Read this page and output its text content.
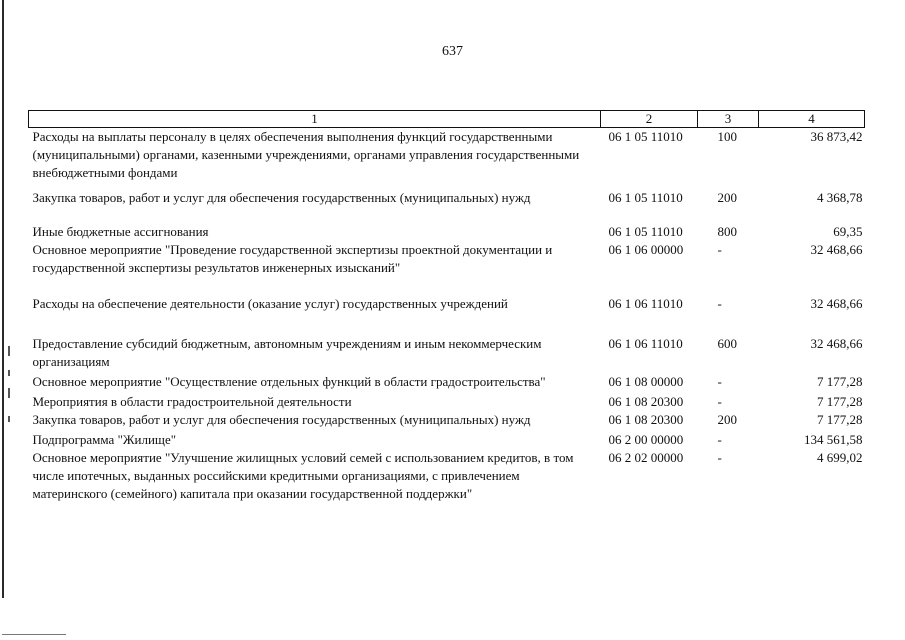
637
1	2	3	4
Расходы на выплаты персоналу в целях обеспечения выполнения функций государственными (муниципальными) органами, казенными учреждениями, органами управления государственными внебюджетными фондами	06 1 05 11010	100	36 873,42
Закупка товаров, работ и услуг для обеспечения государственных (муниципальных) нужд	06 1 05 11010	200	4 368,78
Иные бюджетные ассигнования	06 1 05 11010	800	69,35
Основное мероприятие "Проведение государственной экспертизы проектной документации и государственной экспертизы результатов инженерных изысканий"	06 1 06 00000	-	32 468,66
Расходы на обеспечение деятельности (оказание услуг) государственных учреждений	06 1 06 11010	-	32 468,66
Предоставление субсидий бюджетным, автономным учреждениям и иным некоммерческим организациям	06 1 06 11010	600	32 468,66
Основное мероприятие "Осуществление отдельных функций в области градостроительства"	06 1 08 00000	-	7 177,28
Мероприятия в области градостроительной деятельности	06 1 08 20300	-	7 177,28
Закупка товаров, работ и услуг для обеспечения государственных (муниципальных) нужд	06 1 08 20300	200	7 177,28
Подпрограмма "Жилище"	06 2 00 00000	-	134 561,58
Основное мероприятие "Улучшение жилищных условий семей с использованием кредитов, в том числе ипотечных, выданных российскими кредитными организациями, с привлечением материнского (семейного) капитала при оказании государственной поддержки"	06 2 02 00000	-	4 699,02
